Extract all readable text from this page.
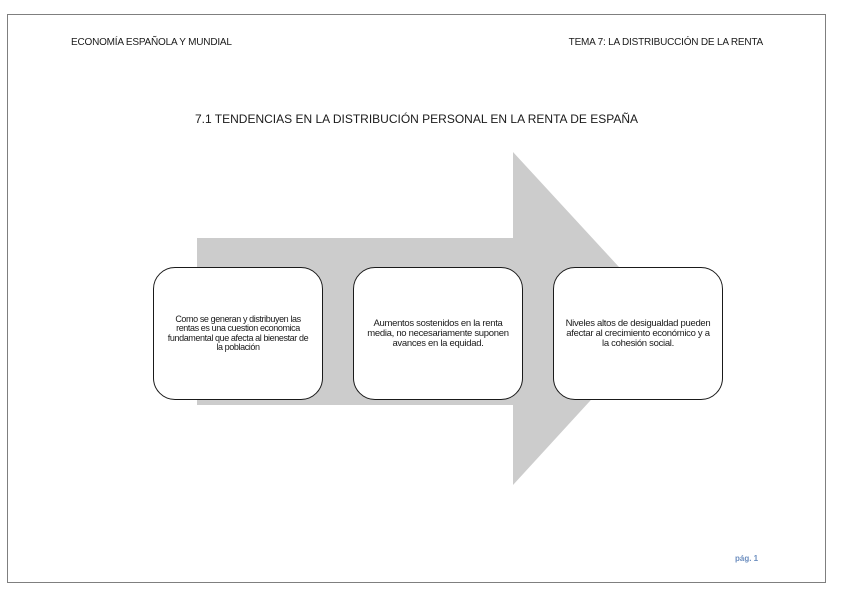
ECONOMÍA ESPAÑOLA Y MUNDIAL	TEMA 7: LA DISTRIBUCCIÓN DE LA RENTA
7.1 TENDENCIAS EN LA DISTRIBUCIÓN PERSONAL EN LA RENTA DE ESPAÑA
Como se generan y distribuyen las rentas es una cuestion economica fundamental que afecta al bienestar de la población
Aumentos sostenidos en la renta media, no necesariamente suponen avances en la equidad.
Niveles altos de desigualdad pueden afectar al crecimiento económico y a la cohesión social.
pág. 1
